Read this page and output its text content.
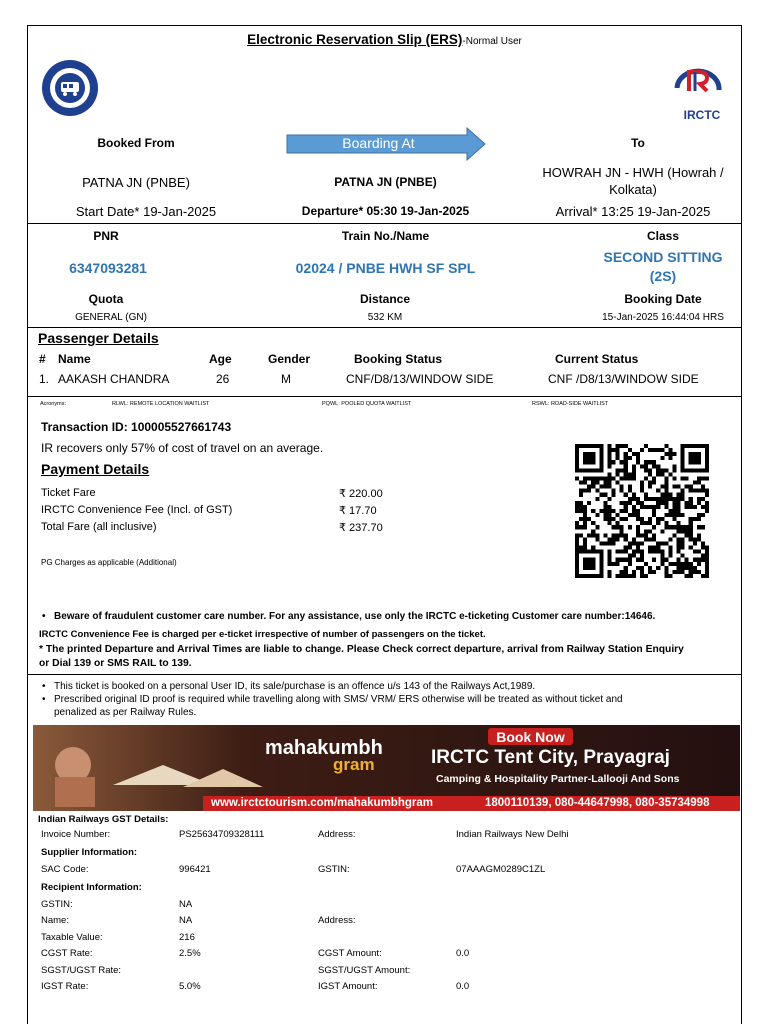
Electronic Reservation Slip (ERS)-Normal User
IRCTC
Booked From	Boarding At	To
PATNA JN (PNBE)	PATNA JN (PNBE)
HOWRAH JN - HWH (Howrah / Kolkata)
Start Date* 19-Jan-2025	Departure* 05:30 19-Jan-2025	Arrival* 13:25 19-Jan-2025
PNR	Train No./Name	Class
6347093281	02024 / PNBE HWH SF SPL
SECOND SITTING
(2S)
Quota	Distance	Booking Date
GENERAL (GN)	532 KM	15-Jan-2025 16:44:04 HRS
Passenger Details
# Name	Age	Gender	Booking Status	Current Status
1. AAKASH CHANDRA	26	M	CNF/D8/13/WINDOW SIDE	CNF /D8/13/WINDOW SIDE
Acronyms:	RLWL: REMOTE LOCATION WAITLIST	PQWL: POOLED QUOTA WAITLIST	RSWL: ROAD-SIDE WAITLIST
Transaction ID: 100005527661743
IR recovers only 57% of cost of travel on an average.
Payment Details
Ticket Fare	₹ 220.00
IRCTC Convenience Fee (Incl. of GST)	₹ 17.70
Total Fare (all inclusive)	₹ 237.70
PG Charges as applicable (Additional)
Beware of fraudulent customer care number. For any assistance, use only the IRCTC e-ticketing Customer care number:14646.
IRCTC Convenience Fee is charged per e-ticket irrespective of number of passengers on the ticket.
* The printed Departure and Arrival Times are liable to change. Please Check correct departure, arrival from Railway Station Enquiry
or Dial 139 or SMS RAIL to 139.
This ticket is booked on a personal User ID, its sale/purchase is an offence u/s 143 of the Railways Act,1989.
Prescribed original ID proof is required while travelling along with SMS/ VRM/ ERS otherwise will be treated as without ticket and
penalized as per Railway Rules.
mahakumbh
gram
Book Now
IRCTC Tent City, Prayagraj
Camping & Hospitality Partner-Lallooji And Sons
www.irctctourism.com/mahakumbhgram	1800110139, 080-44647998, 080-35734998
Indian Railways GST Details:
Invoice Number:	PS25634709328111	Address:	Indian Railways New Delhi
Supplier Information:
SAC Code:	996421	GSTIN:	07AAAGM0289C1ZL
Recipient Information:
GSTIN:	NA
Name:	NA	Address:
Taxable Value:	216
CGST Rate:	2.5%	CGST Amount:	0.0
SGST/UGST Rate:	SGST/UGST Amount:
IGST Rate:	5.0%	IGST Amount:	0.0
